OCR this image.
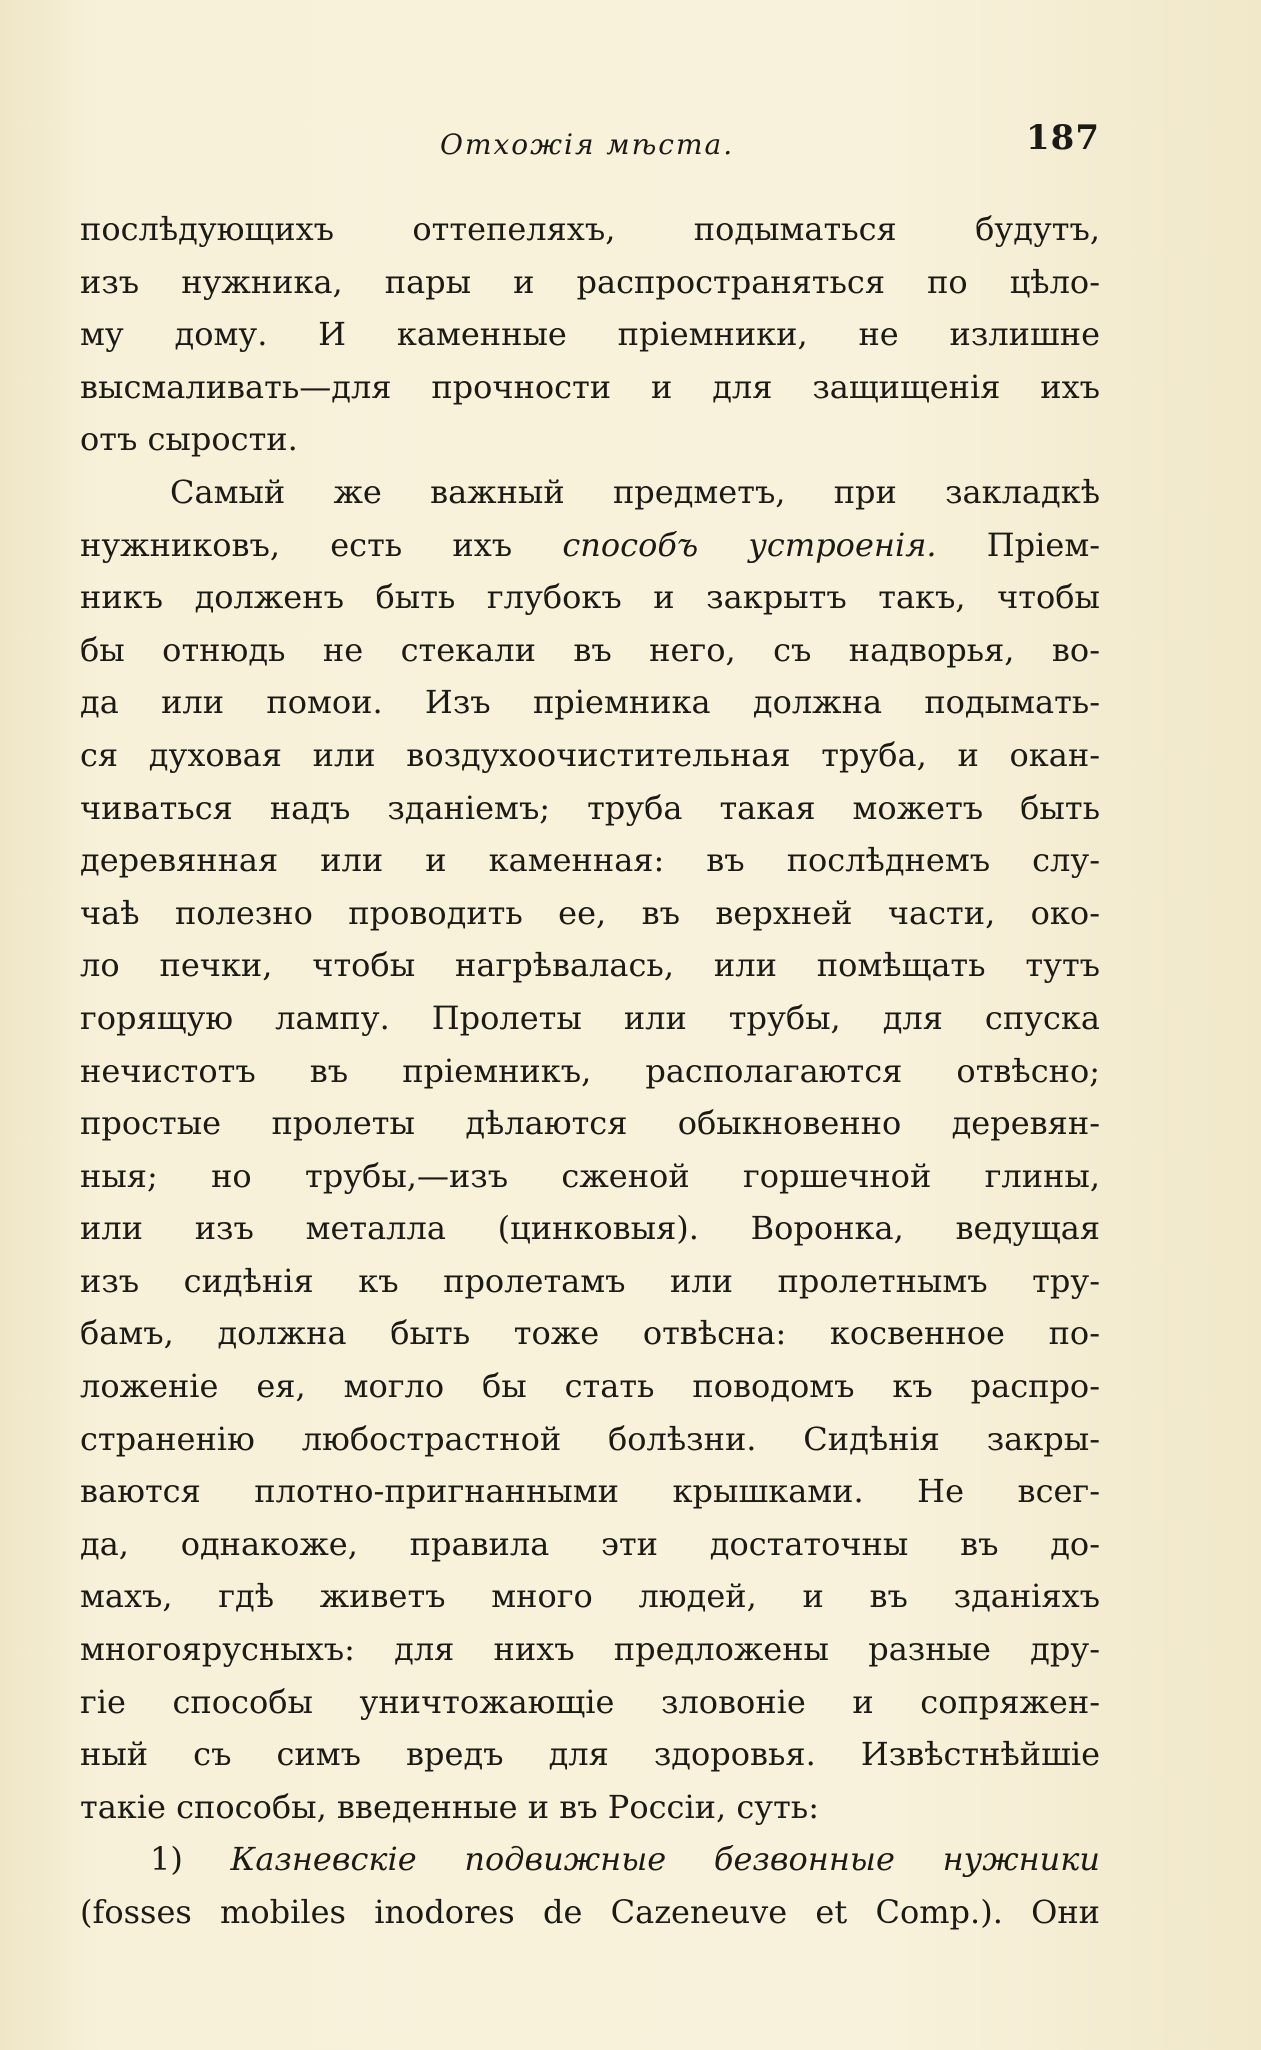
Отхожія мѣста.	187
послѣдующихъ оттепеляхъ, подыматься будутъ,
изъ нужника, пары и распространяться по цѣло-
му дому. И каменные пріемники, не излишне
высмаливать—для прочности и для защищенія ихъ
отъ сырости.
Самый же важный предметъ, при закладкѣ
нужниковъ, есть ихъ способъ устроенія. Пріем-
никъ долженъ быть глубокъ и закрытъ такъ, чтобы
бы отнюдь не стекали въ него, съ надворья, во-
да или помои. Изъ пріемника должна подымать-
ся духовая или воздухоочистительная труба, и окан-
чиваться надъ зданіемъ; труба такая можетъ быть
деревянная или и каменная: въ послѣднемъ слу-
чаѣ полезно проводить ее, въ верхней части, око-
ло печки, чтобы нагрѣвалась, или помѣщать тутъ
горящую лампу. Пролеты или трубы, для спуска
нечистотъ въ пріемникъ, располагаются отвѣсно;
простые пролеты дѣлаются обыкновенно деревян-
ныя; но трубы,—изъ сженой горшечной глины,
или изъ металла (цинковыя). Воронка, ведущая
изъ сидѣнія къ пролетамъ или пролетнымъ тру-
бамъ, должна быть тоже отвѣсна: косвенное по-
ложеніе ея, могло бы стать поводомъ къ распро-
страненію любострастной болѣзни. Сидѣнія закры-
ваются плотно-пригнанными крышками. Не всег-
да, однакоже, правила эти достаточны въ до-
махъ, гдѣ живетъ много людей, и въ зданіяхъ
многоярусныхъ: для нихъ предложены разные дру-
гіе способы уничтожающіе зловоніе и сопряжен-
ный съ симъ вредъ для здоровья. Извѣстнѣйшіе
такіе способы, введенные и въ Россіи, суть:
1) Казневскіе подвижные безвонные нужники
(fosses mobiles inodores de Cazeneuve et Comp.). Они
